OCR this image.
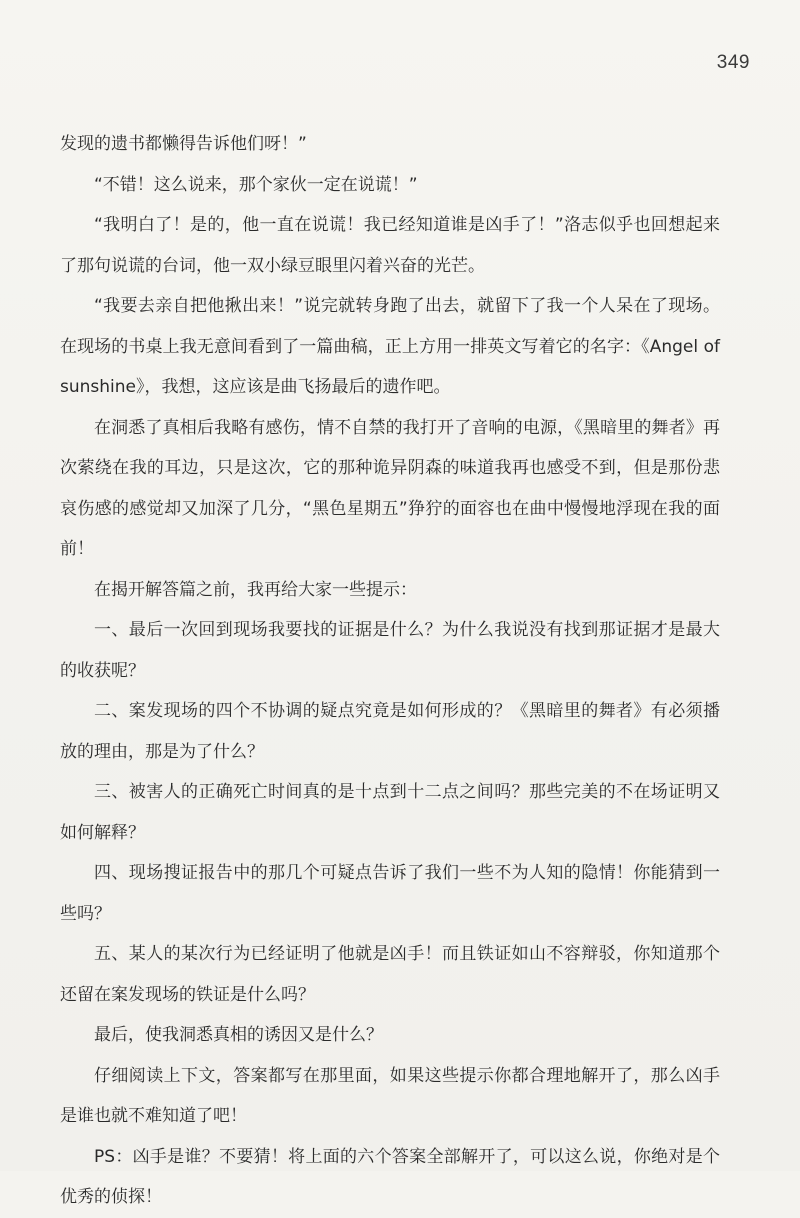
349

发现的遗书都懒得告诉他们呀！”

“不错！这么说来，那个家伙一定在说谎！”

“我明白了！是的，他一直在说谎！我已经知道谁是凶手了！”洛志似乎也回想起来了那句说谎的台词，他一双小绿豆眼里闪着兴奋的光芒。

“我要去亲自把他揪出来！”说完就转身跑了出去，就留下了我一个人呆在了现场。在现场的书桌上我无意间看到了一篇曲稿，正上方用一排英文写着它的名字：《Angel of sunshine》，我想，这应该是曲飞扬最后的遗作吧。

在洞悉了真相后我略有感伤，情不自禁的我打开了音响的电源，《黑暗里的舞者》再次萦绕在我的耳边，只是这次，它的那种诡异阴森的味道我再也感受不到，但是那份悲哀伤感的感觉却又加深了几分，“黑色星期五”狰狞的面容也在曲中慢慢地浮现在我的面前！

在揭开解答篇之前，我再给大家一些提示：

一、最后一次回到现场我要找的证据是什么？为什么我说没有找到那证据才是最大的收获呢？

二、案发现场的四个不协调的疑点究竟是如何形成的？《黑暗里的舞者》有必须播放的理由，那是为了什么？

三、被害人的正确死亡时间真的是十点到十二点之间吗？那些完美的不在场证明又如何解释？

四、现场搜证报告中的那几个可疑点告诉了我们一些不为人知的隐情！你能猜到一些吗？

五、某人的某次行为已经证明了他就是凶手！而且铁证如山不容辩驳，你知道那个还留在案发现场的铁证是什么吗？

最后，使我洞悉真相的诱因又是什么？

仔细阅读上下文，答案都写在那里面，如果这些提示你都合理地解开了，那么凶手是谁也就不难知道了吧！

PS：凶手是谁？不要猜！将上面的六个答案全部解开了，可以这么说，你绝对是个优秀的侦探！
